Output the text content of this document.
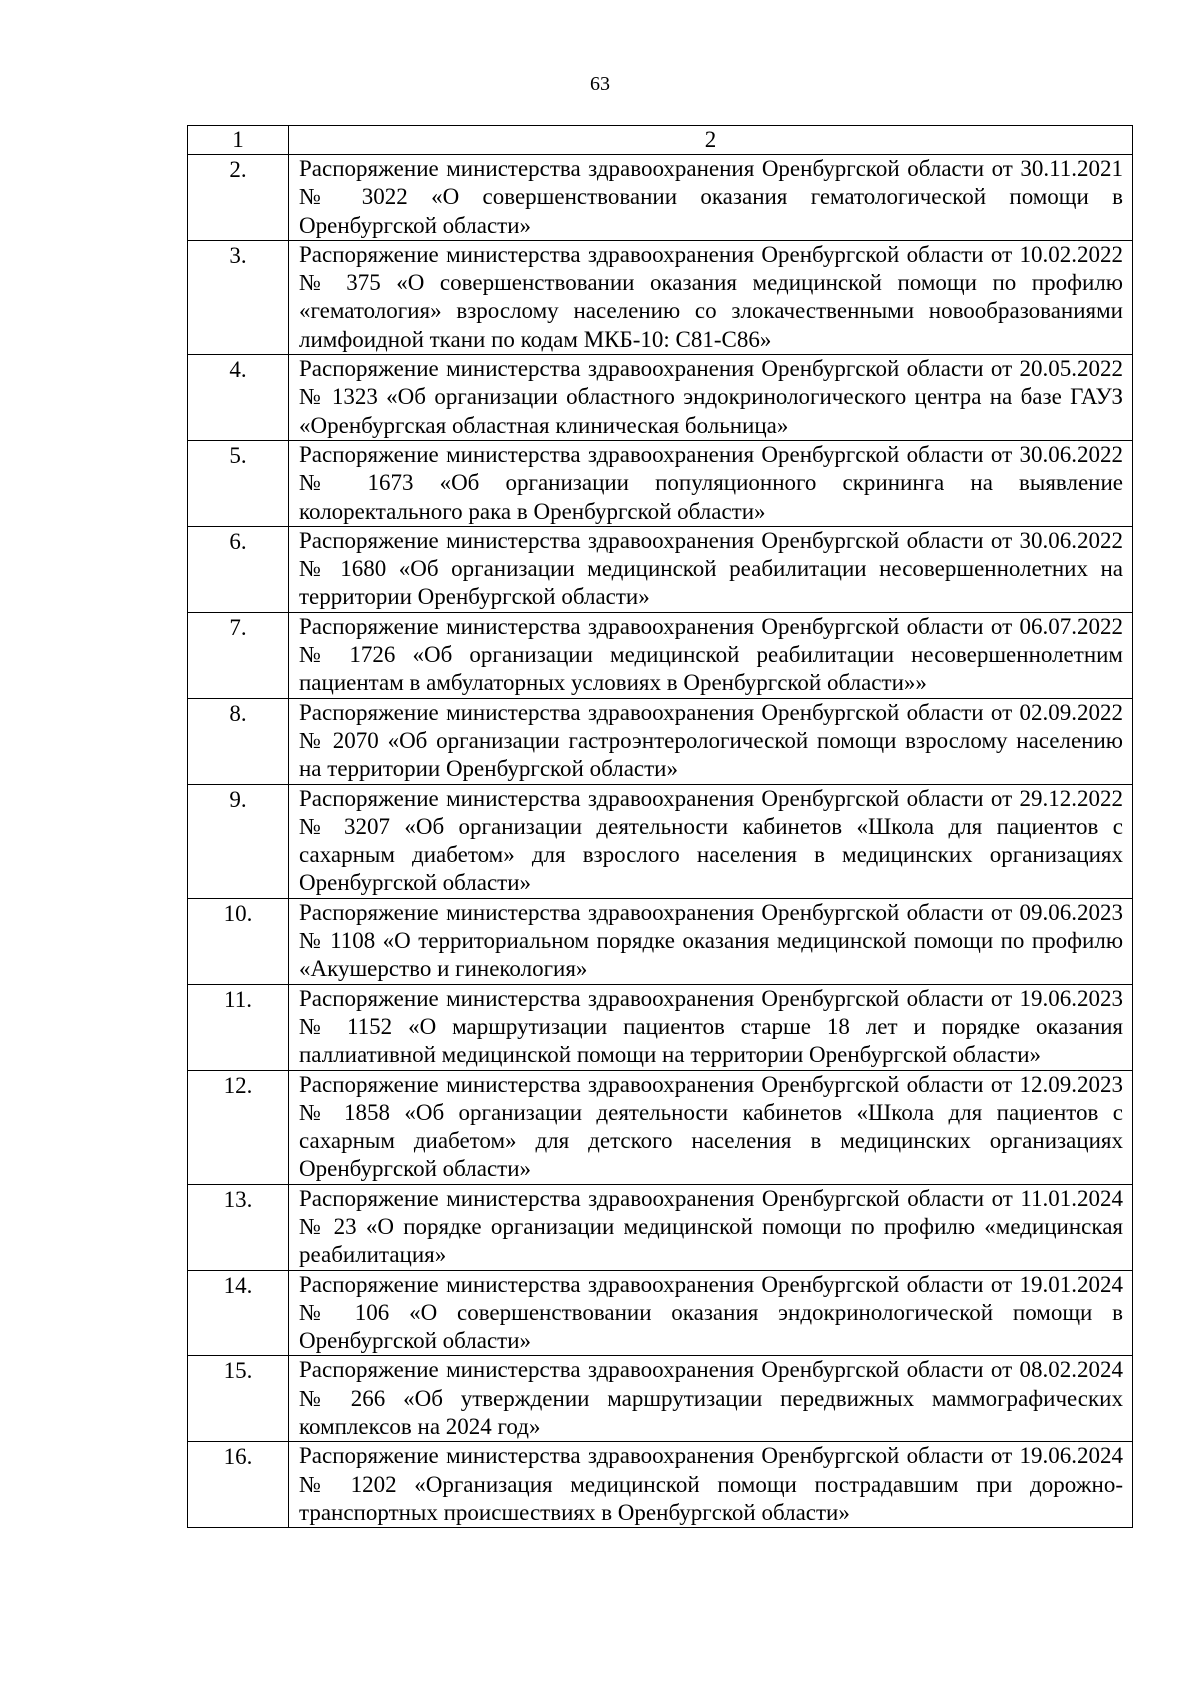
63
1	2
2.	Распоряжение министерства здравоохранения Оренбургской области от 30.11.2021 № 3022 «О совершенствовании оказания гематологической помощи в Оренбургской области»
3.	Распоряжение министерства здравоохранения Оренбургской области от 10.02.2022 № 375 «О совершенствовании оказания медицинской помощи по профилю «гематология» взрослому населению со злокачественными новообразованиями лимфоидной ткани по кодам МКБ-10: С81-С86»
4.	Распоряжение министерства здравоохранения Оренбургской области от 20.05.2022 № 1323 «Об организации областного эндокринологического центра на базе ГАУЗ «Оренбургская областная клиническая больница»
5.	Распоряжение министерства здравоохранения Оренбургской области от 30.06.2022 № 1673 «Об организации популяционного скрининга на выявление колоректального рака в Оренбургской области»
6.	Распоряжение министерства здравоохранения Оренбургской области от 30.06.2022 № 1680 «Об организации медицинской реабилитации несовершеннолетних на территории Оренбургской области»
7.	Распоряжение министерства здравоохранения Оренбургской области от 06.07.2022 № 1726 «Об организации медицинской реабилитации несовершеннолетним пациентам в амбулаторных условиях в Оренбургской области»»
8.	Распоряжение министерства здравоохранения Оренбургской области от 02.09.2022 № 2070 «Об организации гастроэнтерологической помощи взрослому населению на территории Оренбургской области»
9.	Распоряжение министерства здравоохранения Оренбургской области от 29.12.2022 № 3207 «Об организации деятельности кабинетов «Школа для пациентов с сахарным диабетом» для взрослого населения в медицинских организациях Оренбургской области»
10.	Распоряжение министерства здравоохранения Оренбургской области от 09.06.2023 № 1108 «О территориальном порядке оказания медицинской помощи по профилю «Акушерство и гинекология»
11.	Распоряжение министерства здравоохранения Оренбургской области от 19.06.2023 № 1152 «О маршрутизации пациентов старше 18 лет и порядке оказания паллиативной медицинской помощи на территории Оренбургской области»
12.	Распоряжение министерства здравоохранения Оренбургской области от 12.09.2023 № 1858 «Об организации деятельности кабинетов «Школа для пациентов с сахарным диабетом» для детского населения в медицинских организациях Оренбургской области»
13.	Распоряжение министерства здравоохранения Оренбургской области от 11.01.2024 № 23 «О порядке организации медицинской помощи по профилю «медицинская реабилитация»
14.	Распоряжение министерства здравоохранения Оренбургской области от 19.01.2024 № 106 «О совершенствовании оказания эндокринологической помощи в Оренбургской области»
15.	Распоряжение министерства здравоохранения Оренбургской области от 08.02.2024 № 266 «Об утверждении маршрутизации передвижных маммографических комплексов на 2024 год»
16.	Распоряжение министерства здравоохранения Оренбургской области от 19.06.2024 № 1202 «Организация медицинской помощи пострадавшим при дорожно-транспортных происшествиях в Оренбургской области»
